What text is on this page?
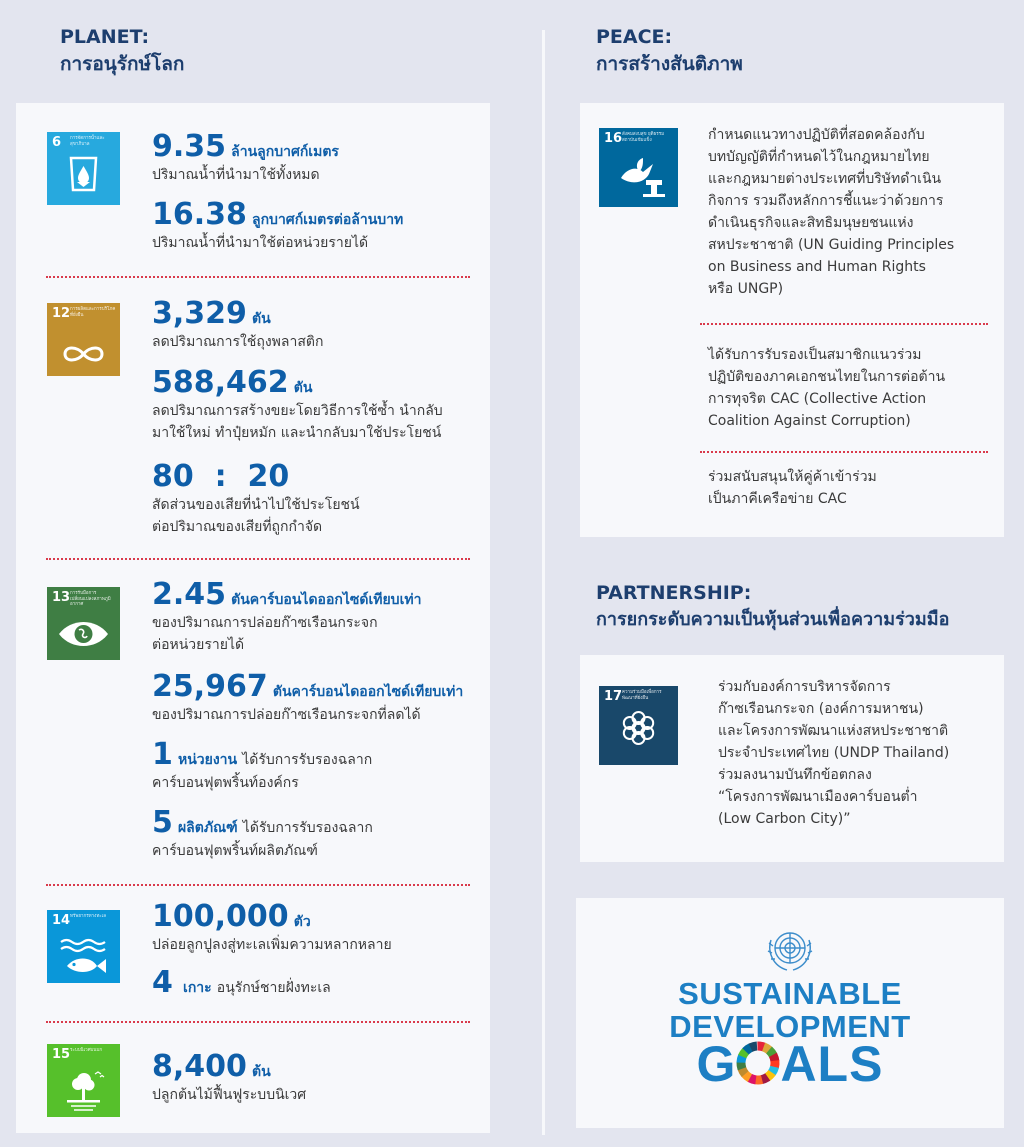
PLANET:
การอนุรักษ์โลก
6 การจัดการน้ำและสุขาภิบาล	9.35 ล้านลูกบาศก์เมตร
ปริมาณน้ำที่นำมาใช้ทั้งหมด
16.38 ลูกบาศก์เมตรต่อล้านบาท
ปริมาณน้ำที่นำมาใช้ต่อหน่วยรายได้
12 การผลิตและการบริโภคที่ยั่งยืน	3,329 ตัน
ลดปริมาณการใช้ถุงพลาสติก
588,462 ตัน
ลดปริมาณการสร้างขยะโดยวิธีการใช้ซ้ำ นำกลับ
มาใช้ใหม่ ทำปุ๋ยหมัก และนำกลับมาใช้ประโยชน์
80  :  20
สัดส่วนของเสียที่นำไปใช้ประโยชน์
ต่อปริมาณของเสียที่ถูกกำจัด
13 การรับมือการเปลี่ยนแปลงสภาพภูมิอากาศ	2.45 ตันคาร์บอนไดออกไซด์เทียบเท่า
ของปริมาณการปล่อยก๊าซเรือนกระจก
ต่อหน่วยรายได้
25,967 ตันคาร์บอนไดออกไซด์เทียบเท่า
ของปริมาณการปล่อยก๊าซเรือนกระจกที่ลดได้
1 หน่วยงาน ได้รับการรับรองฉลาก
คาร์บอนฟุตพริ้นท์องค์กร
5 ผลิตภัณฑ์ ได้รับการรับรองฉลาก
คาร์บอนฟุตพริ้นท์ผลิตภัณฑ์
14 ทรัพยากรทางทะเล	100,000 ตัว
ปล่อยลูกปูลงสู่ทะเลเพิ่มความหลากหลาย
4 เกาะ อนุรักษ์ชายฝั่งทะเล
15 ระบบนิเวศบนบก	8,400 ต้น
ปลูกต้นไม้ฟื้นฟูระบบนิเวศ
PEACE:
การสร้างสันติภาพ
16 สังคมสงบสุข ยุติธรรม สถาบันเข้มแข็ง	กำหนดแนวทางปฏิบัติที่สอดคล้องกับ
บทบัญญัติที่กำหนดไว้ในกฎหมายไทย
และกฎหมายต่างประเทศที่บริษัทดำเนิน
กิจการ รวมถึงหลักการชี้แนะว่าด้วยการ
ดำเนินธุรกิจและสิทธิมนุษยชนแห่ง
สหประชาชาติ (UN Guiding Principles
on Business and Human Rights
หรือ UNGP)
ได้รับการรับรองเป็นสมาชิกแนวร่วม
ปฏิบัติของภาคเอกชนไทยในการต่อต้าน
การทุจริต CAC (Collective Action
Coalition Against Corruption)
ร่วมสนับสนุนให้คู่ค้าเข้าร่วม
เป็นภาคีเครือข่าย CAC
PARTNERSHIP:
การยกระดับความเป็นหุ้นส่วนเพื่อความร่วมมือ
17 ความร่วมมือเพื่อการพัฒนาที่ยั่งยืน
ร่วมกับองค์การบริหารจัดการ
ก๊าซเรือนกระจก (องค์การมหาชน)
และโครงการพัฒนาแห่งสหประชาชาติ
ประจำประเทศไทย (UNDP Thailand)
ร่วมลงนามบันทึกข้อตกลง
“โครงการพัฒนาเมืองคาร์บอนต่ำ
(Low Carbon City)”
SUSTAINABLE
DEVELOPMENT
G ALS
